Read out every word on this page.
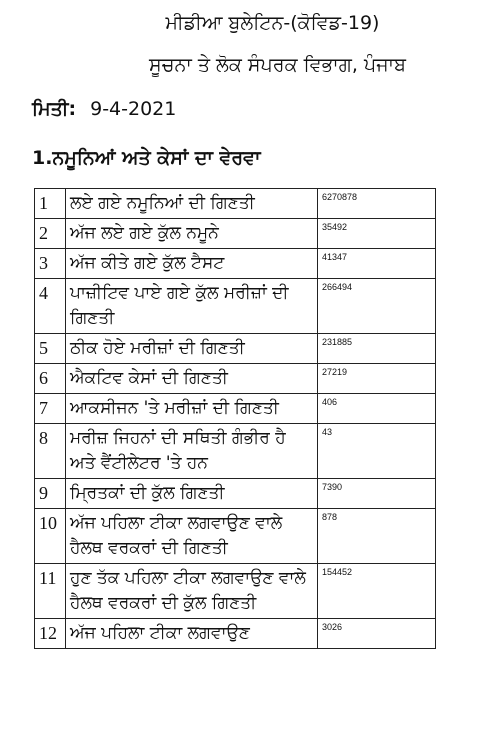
ਮੀਡੀਆ ਬੁਲੇਟਿਨ-(ਕੋਵਿਡ-19)
ਸੂਚਨਾ ਤੇ ਲੋਕ ਸੰਪਰਕ ਵਿਭਾਗ, ਪੰਜਾਬ
ਮਿਤੀ: 9-4-2021
1.ਨਮੂਨਿਆਂ ਅਤੇ ਕੇਸਾਂ ਦਾ ਵੇਰਵਾ
1	ਲਏ ਗਏ ਨਮੂਨਿਆਂ ਦੀ ਗਿਣਤੀ	6270878
2	ਅੱਜ ਲਏ ਗਏ ਕੁੱਲ ਨਮੂਨੇ	35492
3	ਅੱਜ ਕੀਤੇ ਗਏ ਕੁੱਲ ਟੈਸਟ	41347
4	ਪਾਜ਼ੀਟਿਵ ਪਾਏ ਗਏ ਕੁੱਲ ਮਰੀਜ਼ਾਂ ਦੀ ਗਿਣਤੀ	266494
5	ਠੀਕ ਹੋਏ ਮਰੀਜ਼ਾਂ ਦੀ ਗਿਣਤੀ	231885
6	ਐਕਟਿਵ ਕੇਸਾਂ ਦੀ ਗਿਣਤੀ	27219
7	ਆਕਸੀਜਨ 'ਤੇ ਮਰੀਜ਼ਾਂ ਦੀ ਗਿਣਤੀ	406
8	ਮਰੀਜ਼ ਜਿਹਨਾਂ ਦੀ ਸਥਿਤੀ ਗੰਭੀਰ ਹੈ ਅਤੇ ਵੈਂਟੀਲੇਟਰ 'ਤੇ ਹਨ	43
9	ਮ੍ਰਿਤਕਾਂ ਦੀ ਕੁੱਲ ਗਿਣਤੀ	7390
10	ਅੱਜ ਪਹਿਲਾ ਟੀਕਾ ਲਗਵਾਉਣ ਵਾਲੇ ਹੈਲਥ ਵਰਕਰਾਂ ਦੀ ਗਿਣਤੀ	878
11	ਹੁਣ ਤੱਕ ਪਹਿਲਾ ਟੀਕਾ ਲਗਵਾਉਣ ਵਾਲੇ ਹੈਲਥ ਵਰਕਰਾਂ ਦੀ ਕੁੱਲ ਗਿਣਤੀ	154452
12	ਅੱਜ ਪਹਿਲਾ ਟੀਕਾ ਲਗਵਾਉਣ	3026
